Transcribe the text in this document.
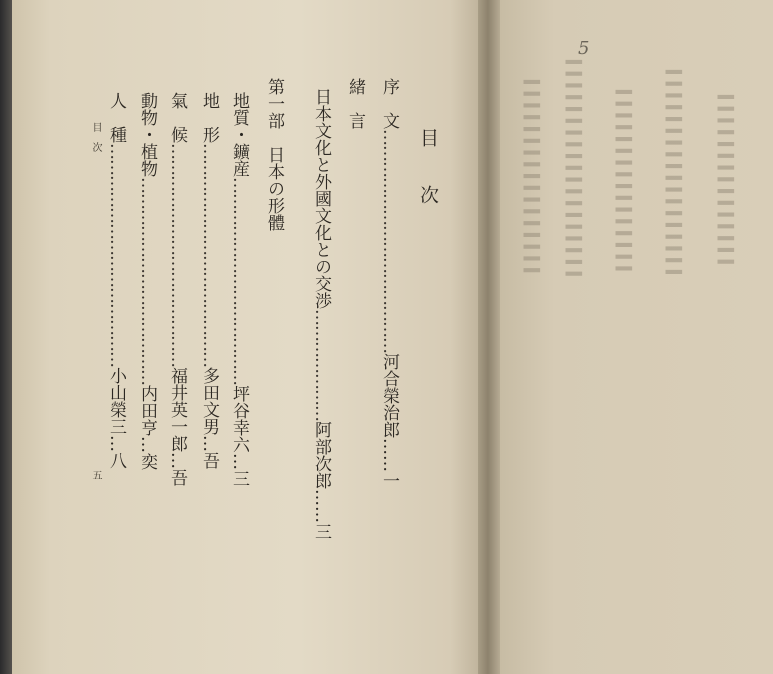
▍▍▍▍▍▍▍▍▍▍▍▍▍▍▍▍▍	▍▍▍▍▍▍▍▍▍▍▍▍▍▍▍▍▍▍▍	▍▍▍▍▍▍▍▍▍▍▍▍▍▍▍▍	▍▍▍▍▍▍▍▍▍▍▍▍▍▍▍▍▍▍	▍▍▍▍▍▍▍▍▍▍▍▍▍▍▍
5
目次
序　文……………………………………河合榮治郎……一
緒　言
日本文化と外國文化との交渉…………………阿部次郎……三
第一部　日本の形體
地質・鑛産…………………………………坪谷幸六…三
地　形……………………………………多田文男…吾
氣　候……………………………………福井英一郎…吾
動物・植物…………………………………内田亨…奕
人　種……………………………………小山榮三…八
目次
五
